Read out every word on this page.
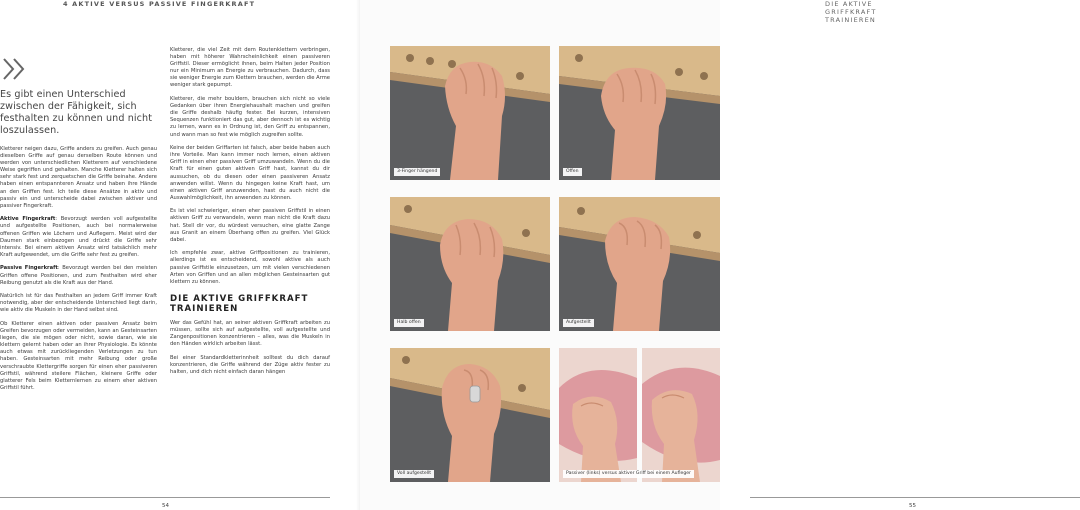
4 AKTIVE VERSUS PASSIVE FINGERKRAFT
Es gibt einen Unterschied zwischen der Fähigkeit, sich festhalten zu können und nicht loszulassen.

Kletterer neigen dazu, Griffe anders zu greifen. Auch genau dieselben Griffe auf genau derselben Route können und werden von unterschiedlichen Kletterern auf verschiedene Weise gegriffen und gehalten. Manche Kletterer halten sich sehr stark fest und zerquetschen die Griffe beinahe. Andere haben einen entspannteren Ansatz und haben ihre Hände an den Griffen fest. Ich teile diese Ansätze in aktiv und passiv ein und unterscheide dabei zwischen aktiver und passiver Fingerkraft.

Aktive Fingerkraft: Bevorzugt werden voll aufgestellte und aufgestellte Positionen, auch bei normalerweise offenen Griffen wie Löchern und Auflegern. Meist wird der Daumen stark einbezogen und drückt die Griffe sehr intensiv. Bei einem aktiven Ansatz wird tatsächlich mehr Kraft aufgewendet, um die Griffe sehr fest zu greifen.

Passive Fingerkraft: Bevorzugt werden bei den meisten Griffen offene Positionen, und zum Festhalten wird eher Reibung genutzt als die Kraft aus der Hand.

Natürlich ist für das Festhalten an jedem Griff immer Kraft notwendig, aber der entscheidende Unterschied liegt darin, wie aktiv die Muskeln in der Hand selbst sind.

Ob Kletterer einen aktiven oder passiven Ansatz beim Greifen bevorzugen oder vermeiden, kann an Gesteinsarten liegen, die sie mögen oder nicht, sowie daran, wie sie klettern gelernt haben oder an ihrer Physiologie. Es könnte auch etwas mit zurückliegenden Verletzungen zu tun haben. Gesteinsarten mit mehr Reibung oder große verschraubte Klettergriffe sorgen für einen eher passiveren Griffstil, während steilere Flächen, kleinere Griffe oder glatterer Fels beim Kletternlernen zu einem eher aktiven Griffstil führt.

Kletterer, die viel Zeit mit dem Routenklettern verbringen, haben mit höherer Wahrscheinlichkeit einen passiveren Griffstil. Dieser ermöglicht ihnen, beim Halten jeder Position nur ein Minimum an Energie zu verbrauchen. Dadurch, dass sie weniger Energie zum Klettern brauchen, werden die Arme weniger stark gepumpt.

Kletterer, die mehr bouldern, brauchen sich nicht so viele Gedanken über ihren Energiehaushalt machen und greifen die Griffe deshalb häufig fester. Bei kurzen, intensiven Sequenzen funktioniert das gut, aber dennoch ist es wichtig zu lernen, wann es in Ordnung ist, den Griff zu entspannen, und wann man so fest wie möglich zugreifen sollte.

Keine der beiden Griffarten ist falsch, aber beide haben auch ihre Vorteile. Man kann immer noch lernen, einen aktiven Griff in einen eher passiven Griff umzuwandeln. Wenn du die Kraft für einen guten aktiven Griff hast, kannst du dir aussuchen, ob du diesen oder einen passiveren Ansatz anwenden willst. Wenn du hingegen keine Kraft hast, um einen aktiven Griff anzuwenden, hast du auch nicht die Auswahlmöglichkeit, ihn anwenden zu können.

Es ist viel schwieriger, einen eher passiven Griffstil in einen aktiven Griff zu verwandeln, wenn man nicht die Kraft dazu hat. Stell dir vor, du würdest versuchen, eine glatte Zange aus Granit an einem Überhang offen zu greifen. Viel Glück dabei.

Ich empfehle zwar, aktive Griffpositionen zu trainieren, allerdings ist es entscheidend, sowohl aktive als auch passive Griffstile einzusetzen, um mit vielen verschiedenen Arten von Griffen und an allen möglichen Gesteinsarten gut klettern zu können.

DIE AKTIVE GRIFFKRAFT TRAINIEREN

Wer das Gefühl hat, an seiner aktiven Griffkraft arbeiten zu müssen, sollte sich auf aufgestellte, voll aufgestellte und Zangenpositionen konzentrieren – alles, was die Muskeln in den Händen wirklich arbeiten lässt.

Bei einer Standardkletterinnheit solltest du dich darauf konzentrieren, die Griffe während der Züge aktiv fester zu halten, und dich nicht einfach daran hängen

54
DIE AKTIVE GRIFFKRAFT TRAINIEREN
55
3-Finger hängend	Offen
Halb offen	Aufgestellt
Voll aufgestellt	Passiver (links) versus aktiver Griff bei einem Aufleger
